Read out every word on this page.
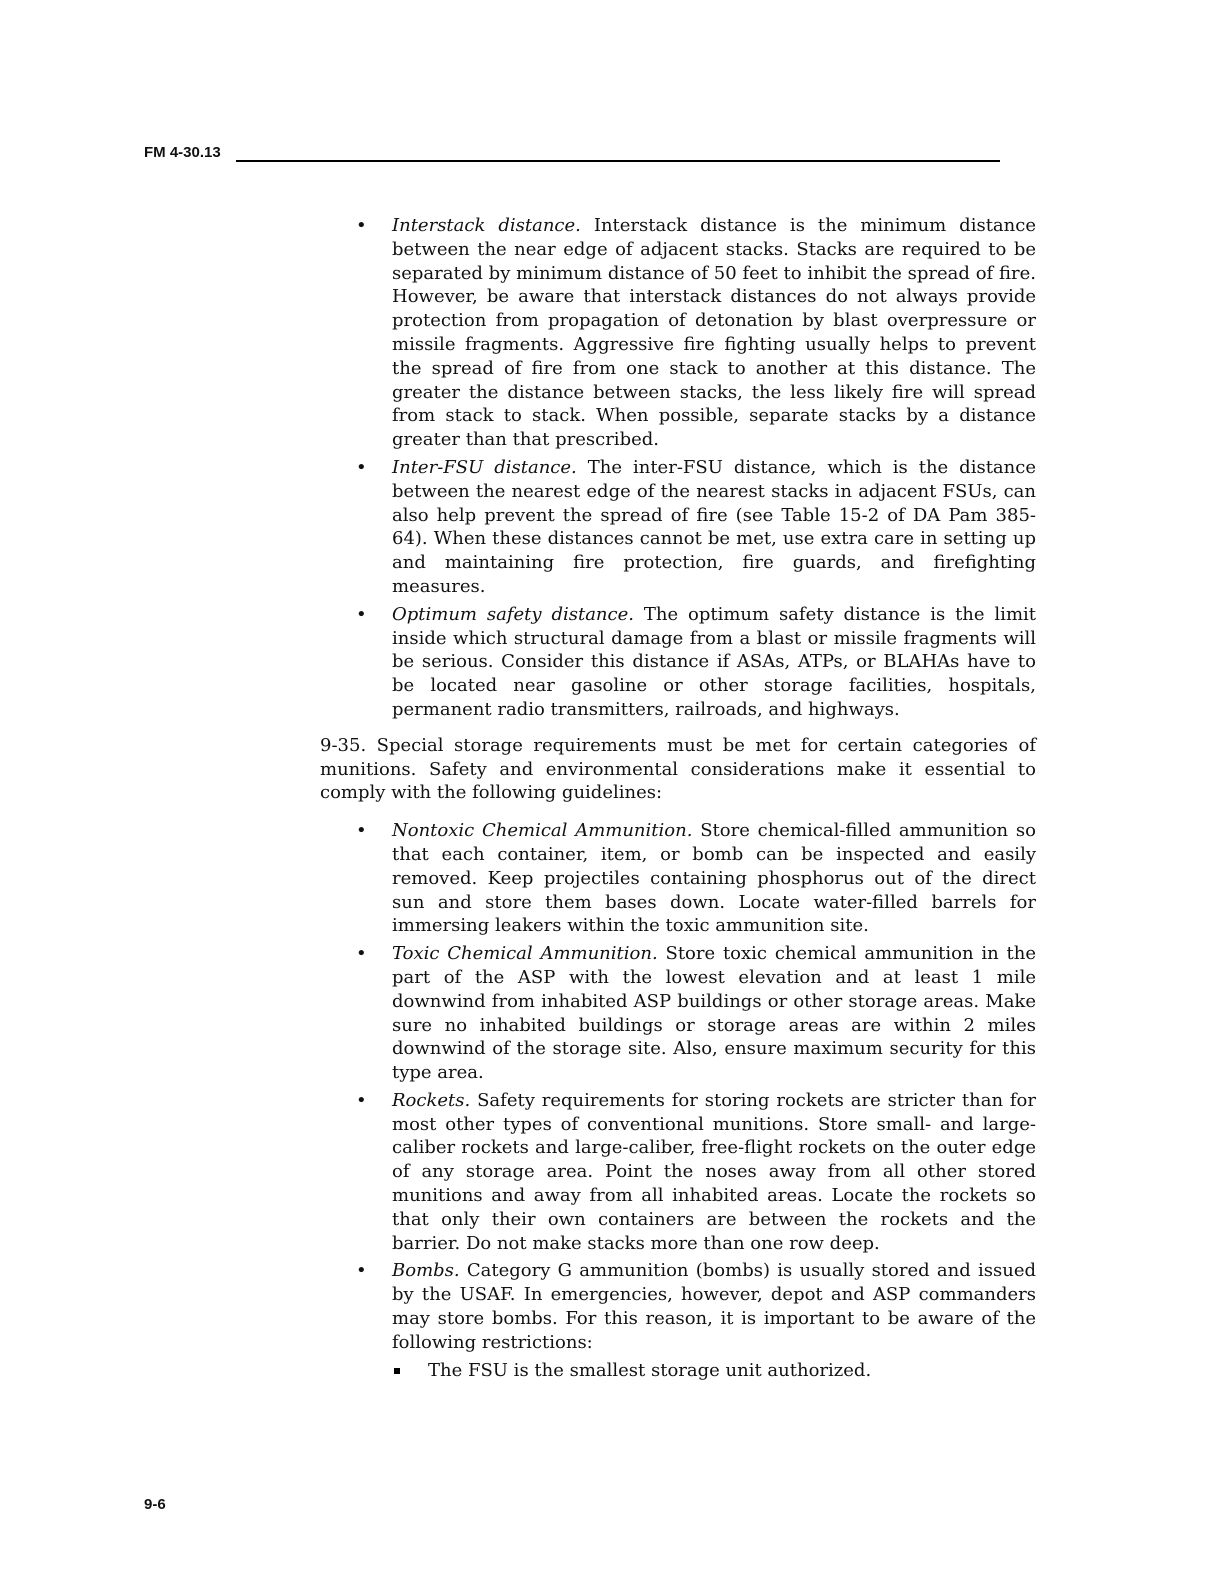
FM 4-30.13
• Interstack distance. Interstack distance is the minimum distance between the near edge of adjacent stacks. Stacks are required to be separated by minimum distance of 50 feet to inhibit the spread of fire. However, be aware that interstack distances do not always provide protection from propagation of detonation by blast overpressure or missile fragments. Aggressive fire fighting usually helps to prevent the spread of fire from one stack to another at this distance. The greater the distance between stacks, the less likely fire will spread from stack to stack. When possible, separate stacks by a distance greater than that prescribed.
• Inter-FSU distance. The inter-FSU distance, which is the distance between the nearest edge of the nearest stacks in adjacent FSUs, can also help prevent the spread of fire (see Table 15-2 of DA Pam 385-64). When these distances cannot be met, use extra care in setting up and maintaining fire protection, fire guards, and firefighting measures.
• Optimum safety distance. The optimum safety distance is the limit inside which structural damage from a blast or missile fragments will be serious. Consider this distance if ASAs, ATPs, or BLAHAs have to be located near gasoline or other storage facilities, hospitals, permanent radio transmitters, railroads, and highways.

9-35. Special storage requirements must be met for certain categories of munitions. Safety and environmental considerations make it essential to comply with the following guidelines:

• Nontoxic Chemical Ammunition. Store chemical-filled ammunition so that each container, item, or bomb can be inspected and easily removed. Keep projectiles containing phosphorus out of the direct sun and store them bases down. Locate water-filled barrels for immersing leakers within the toxic ammunition site.
• Toxic Chemical Ammunition. Store toxic chemical ammunition in the part of the ASP with the lowest elevation and at least 1 mile downwind from inhabited ASP buildings or other storage areas. Make sure no inhabited buildings or storage areas are within 2 miles downwind of the storage site. Also, ensure maximum security for this type area.
• Rockets. Safety requirements for storing rockets are stricter than for most other types of conventional munitions. Store small- and large-caliber rockets and large-caliber, free-flight rockets on the outer edge of any storage area. Point the noses away from all other stored munitions and away from all inhabited areas. Locate the rockets so that only their own containers are between the rockets and the barrier. Do not make stacks more than one row deep.
• Bombs. Category G ammunition (bombs) is usually stored and issued by the USAF. In emergencies, however, depot and ASP commanders may store bombs. For this reason, it is important to be aware of the following restrictions:
The FSU is the smallest storage unit authorized.
9-6
